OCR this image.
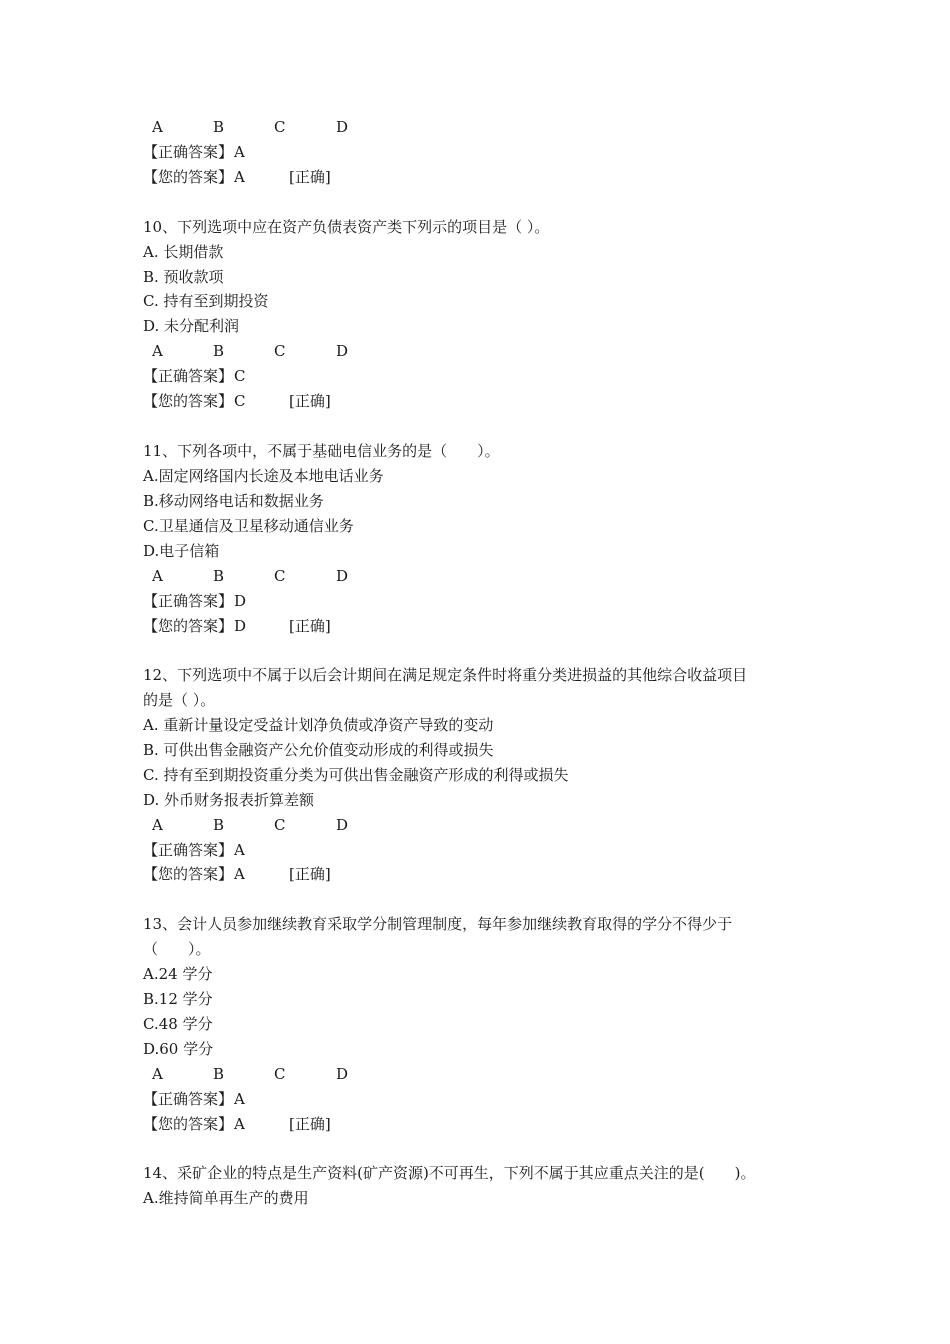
A	B	C	D
【正确答案】A
【您的答案】A	[正确]
10、下列选项中应在资产负债表资产类下列示的项目是（ ）。
A. 长期借款
B. 预收款项
C. 持有至到期投资
D. 未分配利润
A	B	C	D
【正确答案】C
【您的答案】C	[正确]
11、下列各项中，不属于基础电信业务的是（　　）。
A.固定网络国内长途及本地电话业务
B.移动网络电话和数据业务
C.卫星通信及卫星移动通信业务
D.电子信箱
A	B	C	D
【正确答案】D
【您的答案】D	[正确]
12、下列选项中不属于以后会计期间在满足规定条件时将重分类进损益的其他综合收益项目
的是（ ）。
A. 重新计量设定受益计划净负债或净资产导致的变动
B. 可供出售金融资产公允价值变动形成的利得或损失
C. 持有至到期投资重分类为可供出售金融资产形成的利得或损失
D. 外币财务报表折算差额
A	B	C	D
【正确答案】A
【您的答案】A	[正确]
13、会计人员参加继续教育采取学分制管理制度，每年参加继续教育取得的学分不得少于
（　　）。
A.24 学分
B.12 学分
C.48 学分
D.60 学分
A	B	C	D
【正确答案】A
【您的答案】A	[正确]
14、采矿企业的特点是生产资料(矿产资源)不可再生，下列不属于其应重点关注的是(　　)。
A.维持简单再生产的费用
